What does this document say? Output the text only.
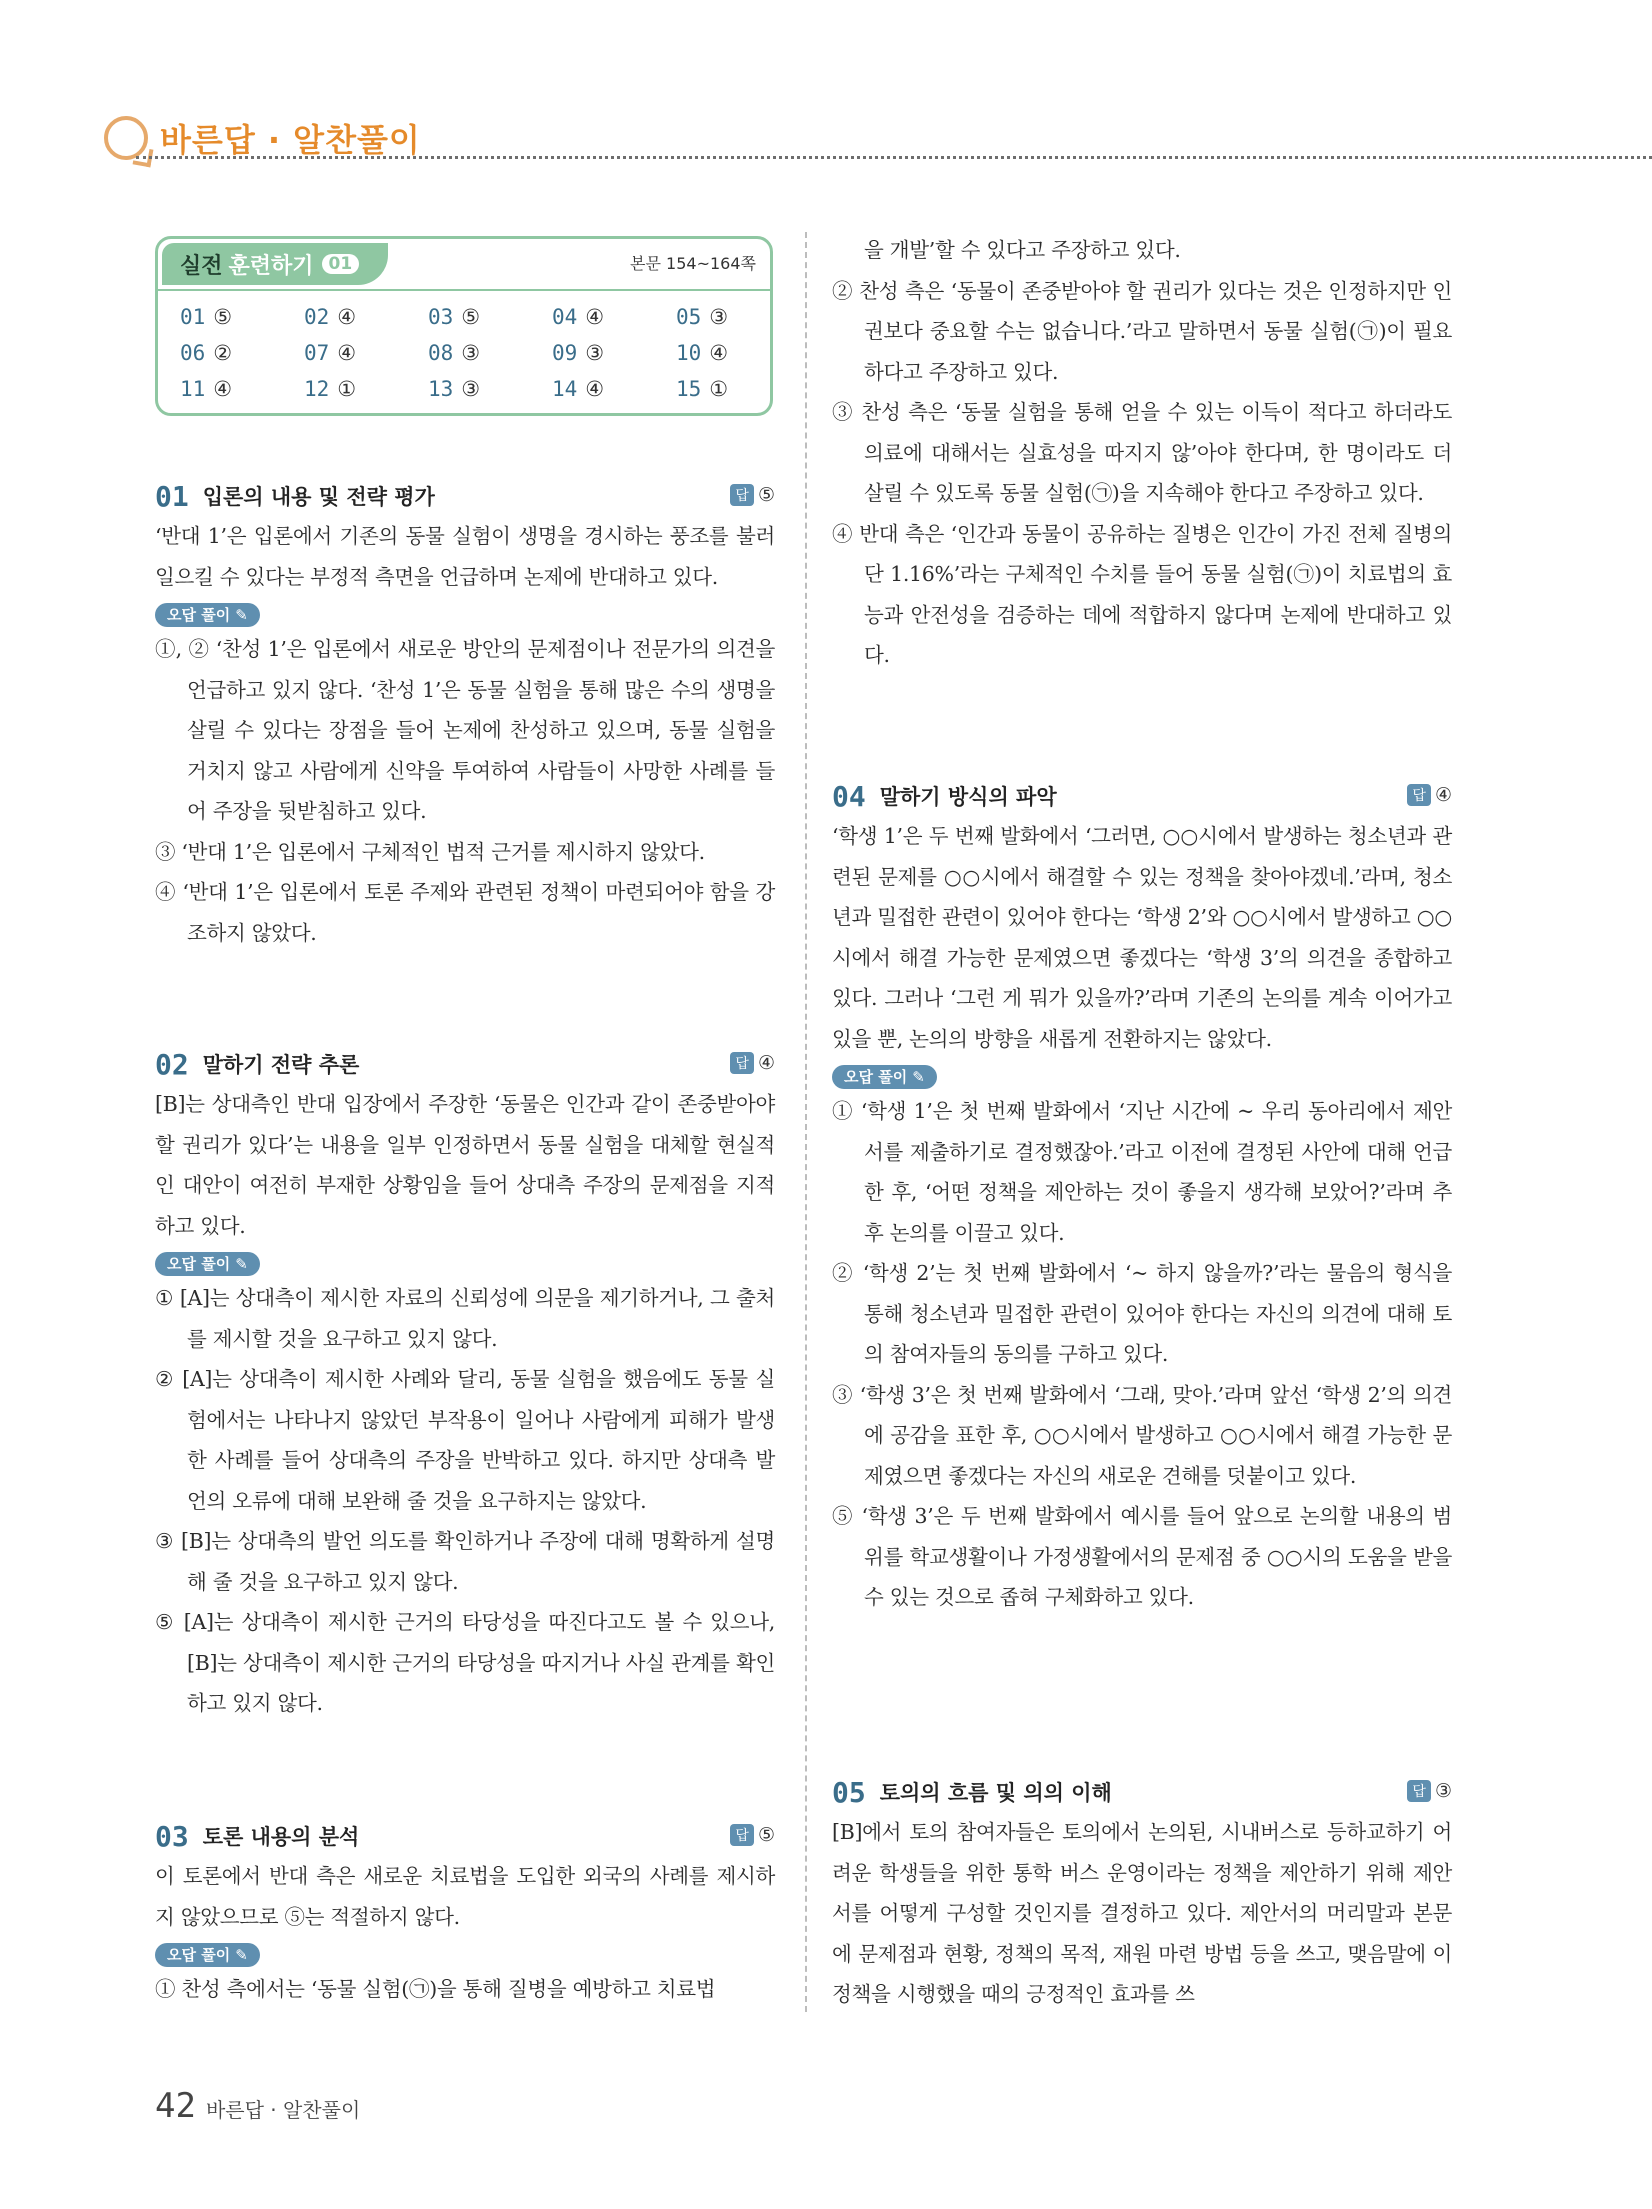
바른답 · 알찬풀이
실전 훈련하기 01	본문 154~164쪽
01 ⑤	02 ④	03 ⑤	04 ④	05 ③
06 ②	07 ④	08 ③	09 ③	10 ④
11 ④	12 ①	13 ③	14 ④	15 ①
01 입론의 내용 및 전략 평가	답 ⑤

‘반대 1’은 입론에서 기존의 동물 실험이 생명을 경시하는 풍조를 불러일으킬 수 있다는 부정적 측면을 언급하며 논제에 반대하고 있다.

오답 풀이 ✎

①, ② ‘찬성 1’은 입론에서 새로운 방안의 문제점이나 전문가의 의견을 언급하고 있지 않다. ‘찬성 1’은 동물 실험을 통해 많은 수의 생명을 살릴 수 있다는 장점을 들어 논제에 찬성하고 있으며, 동물 실험을 거치지 않고 사람에게 신약을 투여하여 사람들이 사망한 사례를 들어 주장을 뒷받침하고 있다.

③ ‘반대 1’은 입론에서 구체적인 법적 근거를 제시하지 않았다.

④ ‘반대 1’은 입론에서 토론 주제와 관련된 정책이 마련되어야 함을 강조하지 않았다.

02 말하기 전략 추론	답 ④

[B]는 상대측인 반대 입장에서 주장한 ‘동물은 인간과 같이 존중받아야 할 권리가 있다’는 내용을 일부 인정하면서 동물 실험을 대체할 현실적인 대안이 여전히 부재한 상황임을 들어 상대측 주장의 문제점을 지적하고 있다.

오답 풀이 ✎

① [A]는 상대측이 제시한 자료의 신뢰성에 의문을 제기하거나, 그 출처를 제시할 것을 요구하고 있지 않다.

② [A]는 상대측이 제시한 사례와 달리, 동물 실험을 했음에도 동물 실험에서는 나타나지 않았던 부작용이 일어나 사람에게 피해가 발생한 사례를 들어 상대측의 주장을 반박하고 있다. 하지만 상대측 발언의 오류에 대해 보완해 줄 것을 요구하지는 않았다.

③ [B]는 상대측의 발언 의도를 확인하거나 주장에 대해 명확하게 설명해 줄 것을 요구하고 있지 않다.

⑤ [A]는 상대측이 제시한 근거의 타당성을 따진다고도 볼 수 있으나, [B]는 상대측이 제시한 근거의 타당성을 따지거나 사실 관계를 확인하고 있지 않다.

03 토론 내용의 분석	답 ⑤

이 토론에서 반대 측은 새로운 치료법을 도입한 외국의 사례를 제시하지 않았으므로 ⑤는 적절하지 않다.

오답 풀이 ✎

① 찬성 측에서는 ‘동물 실험(㉠)을 통해 질병을 예방하고 치료법

을 개발’할 수 있다고 주장하고 있다.

② 찬성 측은 ‘동물이 존중받아야 할 권리가 있다는 것은 인정하지만 인권보다 중요할 수는 없습니다.’라고 말하면서 동물 실험(㉠)이 필요하다고 주장하고 있다.

③ 찬성 측은 ‘동물 실험을 통해 얻을 수 있는 이득이 적다고 하더라도 의료에 대해서는 실효성을 따지지 않’아야 한다며, 한 명이라도 더 살릴 수 있도록 동물 실험(㉠)을 지속해야 한다고 주장하고 있다.

④ 반대 측은 ‘인간과 동물이 공유하는 질병은 인간이 가진 전체 질병의 단 1.16%’라는 구체적인 수치를 들어 동물 실험(㉠)이 치료법의 효능과 안전성을 검증하는 데에 적합하지 않다며 논제에 반대하고 있다.

04 말하기 방식의 파악	답 ④

‘학생 1’은 두 번째 발화에서 ‘그러면, ○○시에서 발생하는 청소년과 관련된 문제를 ○○시에서 해결할 수 있는 정책을 찾아야겠네.’라며, 청소년과 밀접한 관련이 있어야 한다는 ‘학생 2’와 ○○시에서 발생하고 ○○시에서 해결 가능한 문제였으면 좋겠다는 ‘학생 3’의 의견을 종합하고 있다. 그러나 ‘그런 게 뭐가 있을까?’라며 기존의 논의를 계속 이어가고 있을 뿐, 논의의 방향을 새롭게 전환하지는 않았다.

오답 풀이 ✎

① ‘학생 1’은 첫 번째 발화에서 ‘지난 시간에 ~ 우리 동아리에서 제안서를 제출하기로 결정했잖아.’라고 이전에 결정된 사안에 대해 언급한 후, ‘어떤 정책을 제안하는 것이 좋을지 생각해 보았어?’라며 추후 논의를 이끌고 있다.

② ‘학생 2’는 첫 번째 발화에서 ‘~ 하지 않을까?’라는 물음의 형식을 통해 청소년과 밀접한 관련이 있어야 한다는 자신의 의견에 대해 토의 참여자들의 동의를 구하고 있다.

③ ‘학생 3’은 첫 번째 발화에서 ‘그래, 맞아.’라며 앞선 ‘학생 2’의 의견에 공감을 표한 후, ○○시에서 발생하고 ○○시에서 해결 가능한 문제였으면 좋겠다는 자신의 새로운 견해를 덧붙이고 있다.

⑤ ‘학생 3’은 두 번째 발화에서 예시를 들어 앞으로 논의할 내용의 범위를 학교생활이나 가정생활에서의 문제점 중 ○○시의 도움을 받을 수 있는 것으로 좁혀 구체화하고 있다.

05 토의의 흐름 및 의의 이해	답 ③

[B]에서 토의 참여자들은 토의에서 논의된, 시내버스로 등하교하기 어려운 학생들을 위한 통학 버스 운영이라는 정책을 제안하기 위해 제안서를 어떻게 구성할 것인지를 결정하고 있다. 제안서의 머리말과 본문에 문제점과 현황, 정책의 목적, 재원 마련 방법 등을 쓰고, 맺음말에 이 정책을 시행했을 때의 긍정적인 효과를 쓰

42 바른답 · 알찬풀이
